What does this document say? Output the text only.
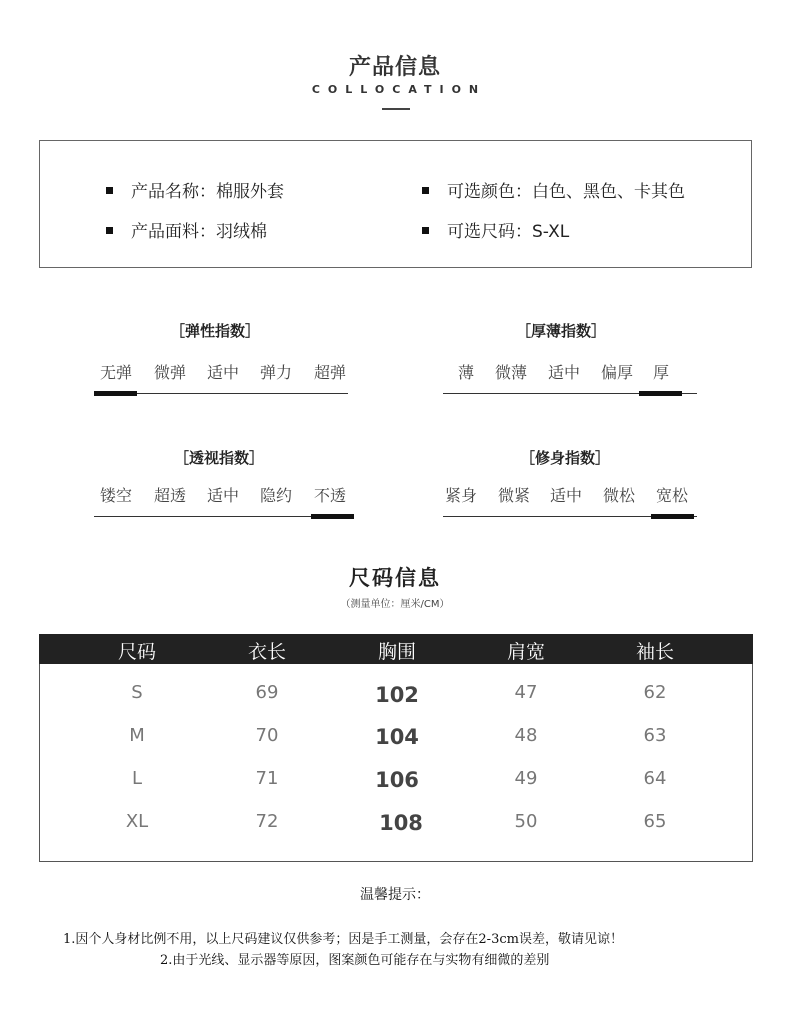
产品信息
COLLOCATION
产品名称：棉服外套
产品面料：羽绒棉
可选颜色：白色、黑色、卡其色
可选尺码：S-XL
［弹性指数］
无弹	微弹	适中	弹力	超弹
［厚薄指数］
薄	微薄	适中	偏厚	厚
［透视指数］
镂空	超透	适中	隐约	不透
［修身指数］
紧身	微紧	适中	微松	宽松
尺码信息
（测量单位：厘米/CM）
尺码	衣长	胸围	肩宽	袖长
S	69	102	47	62
M	70	104	48	63
L	71	106	49	64
XL	72	108	50	65
温馨提示：
1.因个人身材比例不用，以上尺码建议仅供参考；因是手工测量，会存在2-3cm误差，敬请见谅！
2.由于光线、显示器等原因，图案颜色可能存在与实物有细微的差别
